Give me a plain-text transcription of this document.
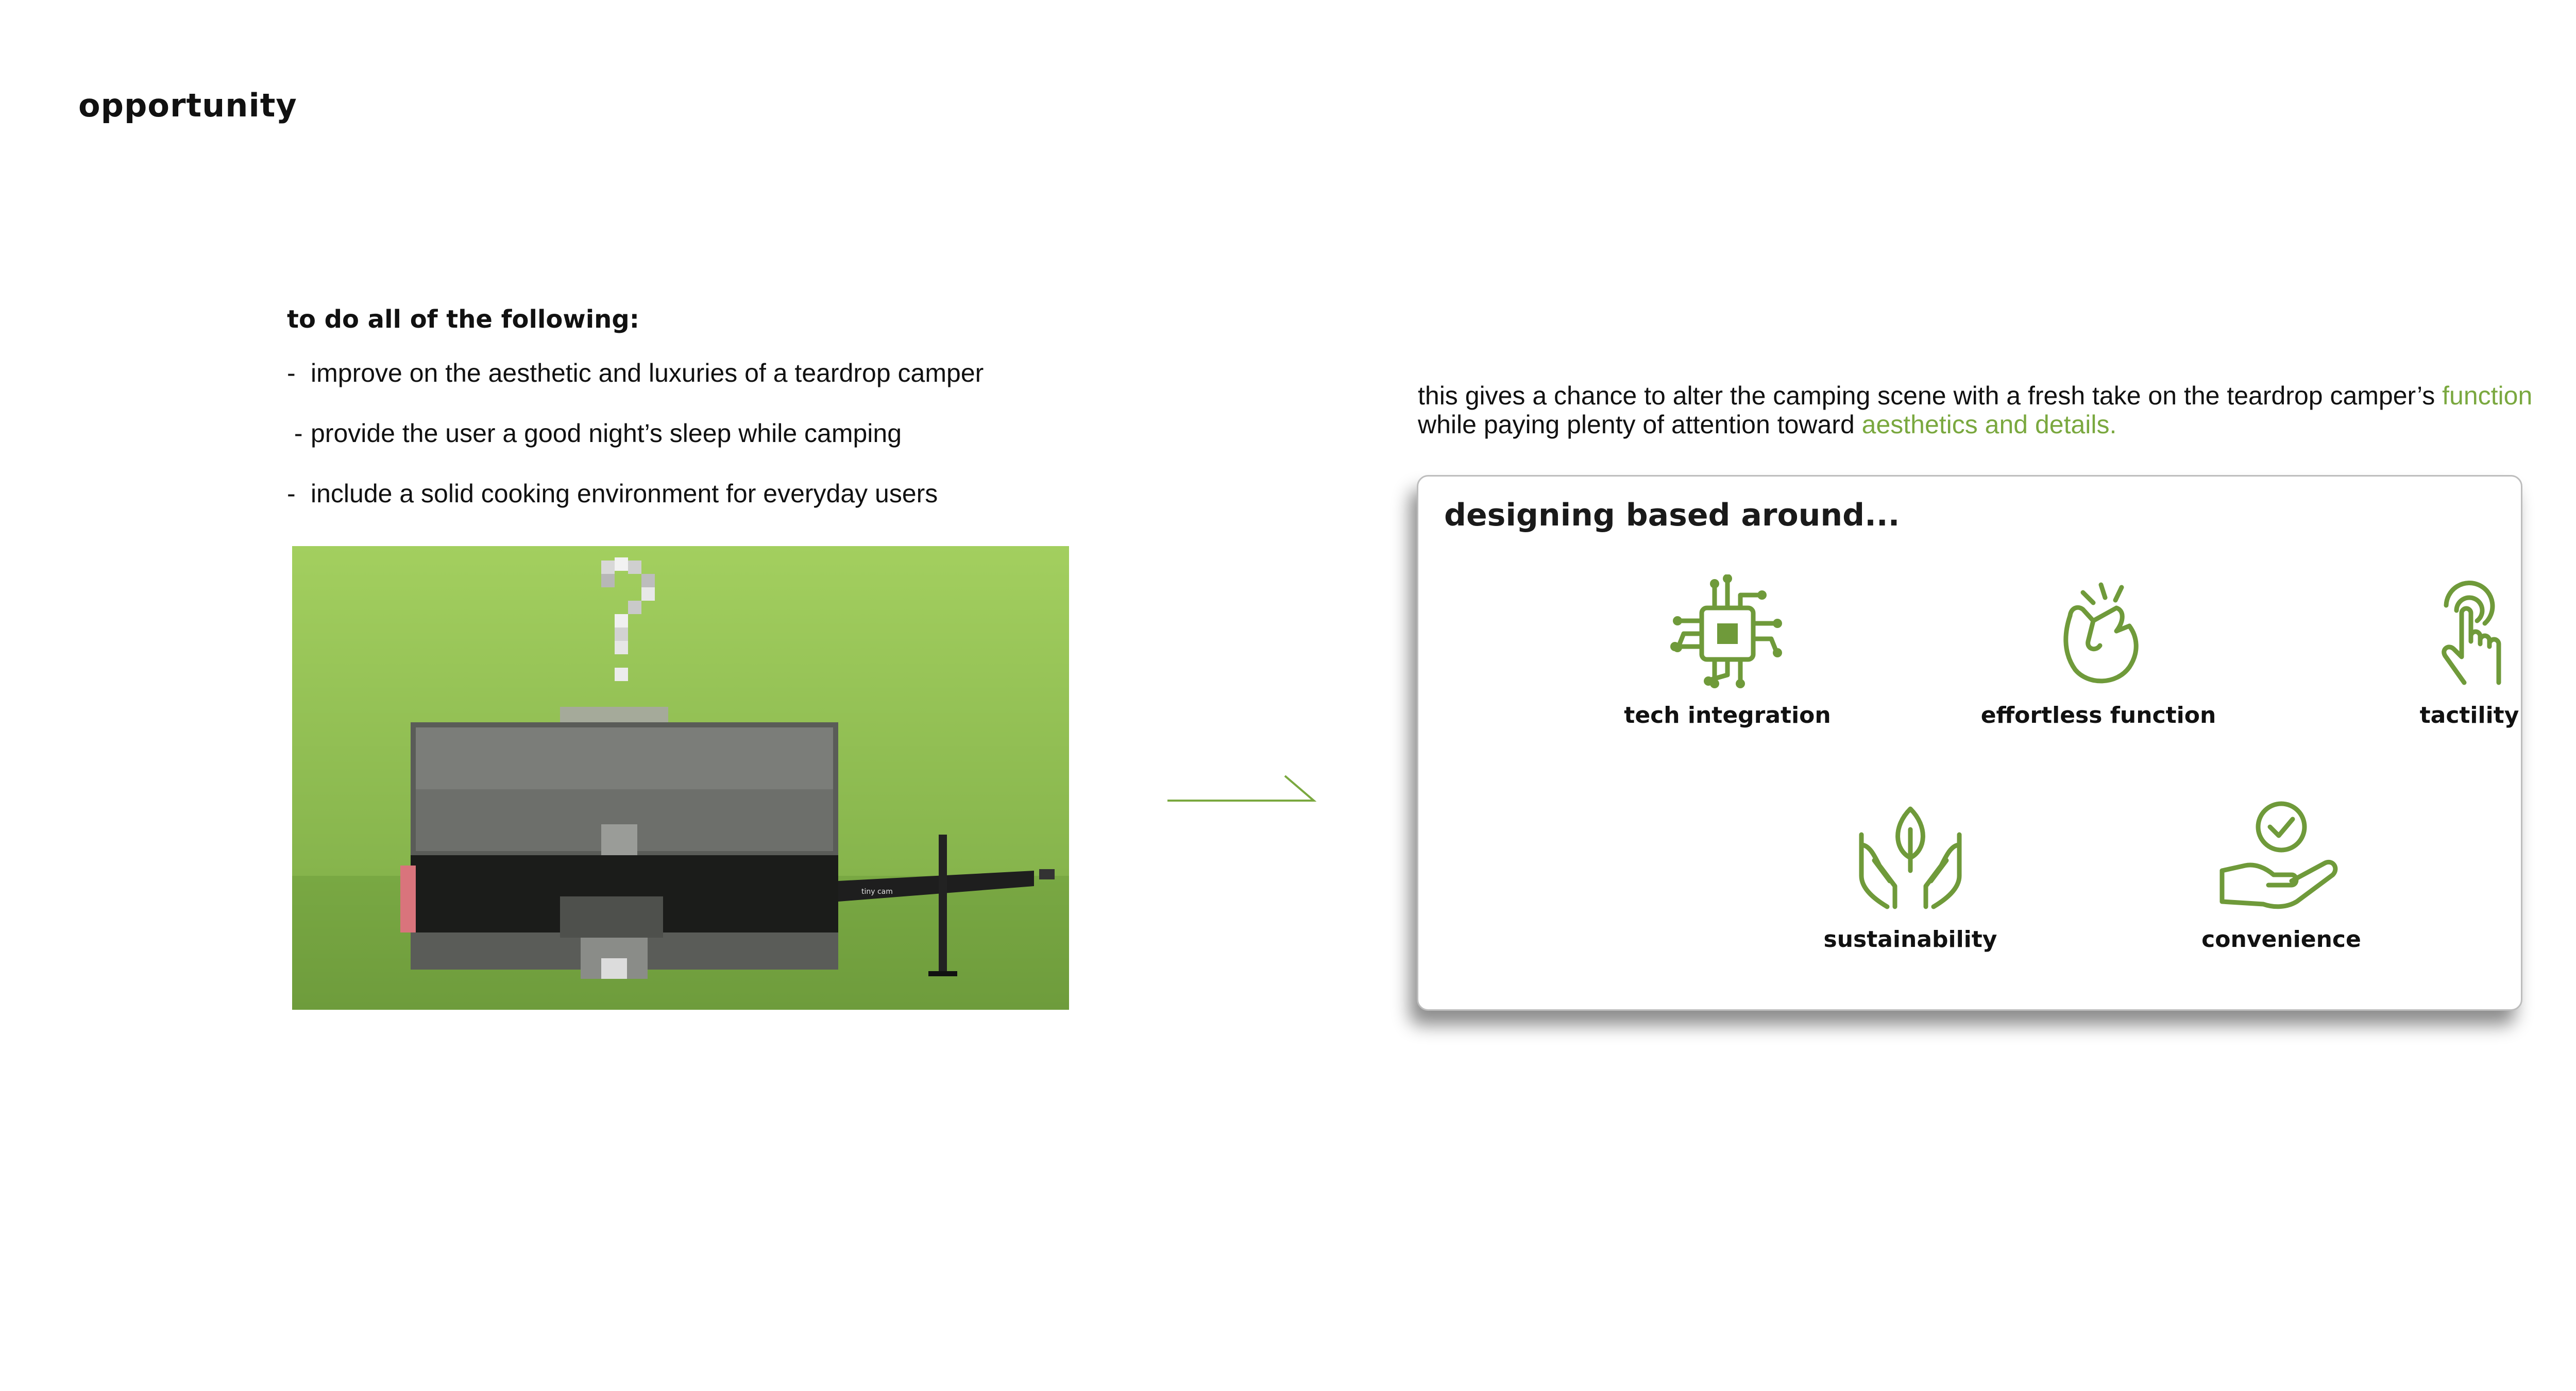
opportunity
to do all of the following:
- improve on the aesthetic and luxuries of a teardrop camper
- provide the user a good night’s sleep while camping
- include a solid cooking environment for everyday users
tiny cam

this gives a chance to alter the camping scene with a fresh take on the teardrop camper’s function while paying plenty of attention toward aesthetics and details.

designing based around...
tech integration	effortless function	tactility
sustainability	convenience
